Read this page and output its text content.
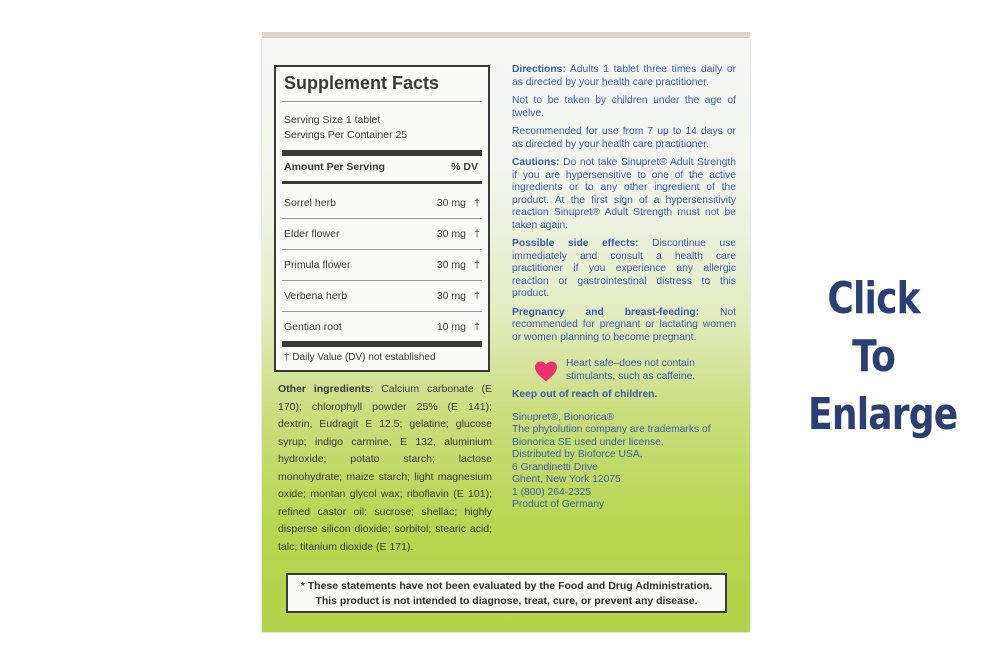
Supplement Facts
Serving Size 1 tablet
Servings Per Container 25
Amount Per Serving	% DV
Sorrel herb	30 mg †
Elder flower	30 mg †
Primula flower	30 mg †
Verbena herb	30 mg †
Gentian root	10 mg †
† Daily Value (DV) not established
Other ingredients: Calcium carbonate (E 170); chlorophyll powder 25% (E 141); dextrin, Eudragit E 12.5; gelatine; glucose syrup; indigo carmine, E 132, aluminium hydroxide; potato starch; lactose monohydrate; maize starch; light magnesium oxide; montan glycol wax; riboflavin (E 101); refined castor oil; sucrose; shellac; highly disperse silicon dioxide; sorbitol; stearic acid; talc; titanium dioxide (E 171).

Directions: Adults 1 tablet three times daily or as directed by your health care practitioner.

Not to be taken by children under the age of twelve.

Recommended for use from 7 up to 14 days or as directed by your health care practitioner.

Cautions: Do not take Sinupret® Adult Strength if you are hypersensitive to one of the active ingredients or to any other ingredient of the product. At the first sign of a hypersensitivity reaction Sinupret® Adult Strength must not be taken again.

Possible side effects: Discontinue use immediately and consult a health care practitioner if you experience any allergic reaction or gastrointestinal distress to this product.

Pregnancy and breast-feeding: Not recommended for pregnant or lactating women or women planning to become pregnant.

Heart safe–does not contain stimulants, such as caffeine.
Keep out of reach of children.
Sinupret®, Bionorica®
The phytolution company are trademarks of Bionorica SE used under license.
Distributed by Bioforce USA,
6 Grandinetti Drive
Ghent, New York 12075
1 (800) 264-2325
Product of Germany
* These statements have not been evaluated by the Food and Drug Administration.
This product is not intended to diagnose, treat, cure, or prevent any disease.
Click To
Enlarge
